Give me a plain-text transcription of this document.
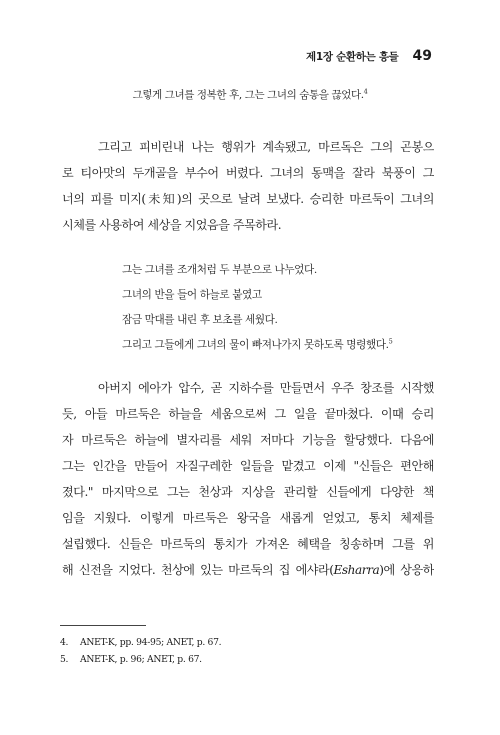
제1장 순환하는 흥들 49
그렇게 그녀를 정복한 후, 그는 그녀의 숨통을 끊었다.$^4$
그리고 피비린내 나는 행위가 계속됐고, 마르독은 그의 곤봉으
로 티아맛의 두개골을 부수어 버렸다. 그녀의 동맥을 잘라 북풍이 그
너의 피를 미지(未知)의 곳으로 날려 보냈다. 승리한 마르둑이 그녀의
시체를 사용하여 세상을 지었음을 주목하라.
그는 그녀를 조개처럼 두 부분으로 나누었다.
그녀의 반을 들어 하늘로 붙였고
잠금 막대를 내린 후 보초를 세웠다.
그리고 그들에게 그녀의 물이 빠져나가지 못하도록 명령했다.$^5$
아버지 에아가 압수, 곧 지하수를 만들면서 우주 창조를 시작했
듯, 아들 마르둑은 하늘을 세움으로써 그 일을 끝마쳤다. 이때 승리
자 마르둑은 하늘에 별자리를 세워 저마다 기능을 할당했다. 다음에
그는 인간을 만들어 자질구레한 일들을 맡겼고 이제 "신들은 편안해
졌다." 마지막으로 그는 천상과 지상을 관리할 신들에게 다양한 책
임을 지웠다. 이렇게 마르둑은 왕국을 새롭게 얻었고, 통치 체제를
설립했다. 신들은 마르둑의 통치가 가져온 혜택을 칭송하며 그를 위
해 신전을 지었다. 천상에 있는 마르둑의 집 에샤라(Esharra)에 상응하
4. ANET-K, pp. 94-95; ANET, p. 67.
5. ANET-K, p. 96; ANET, p. 67.
